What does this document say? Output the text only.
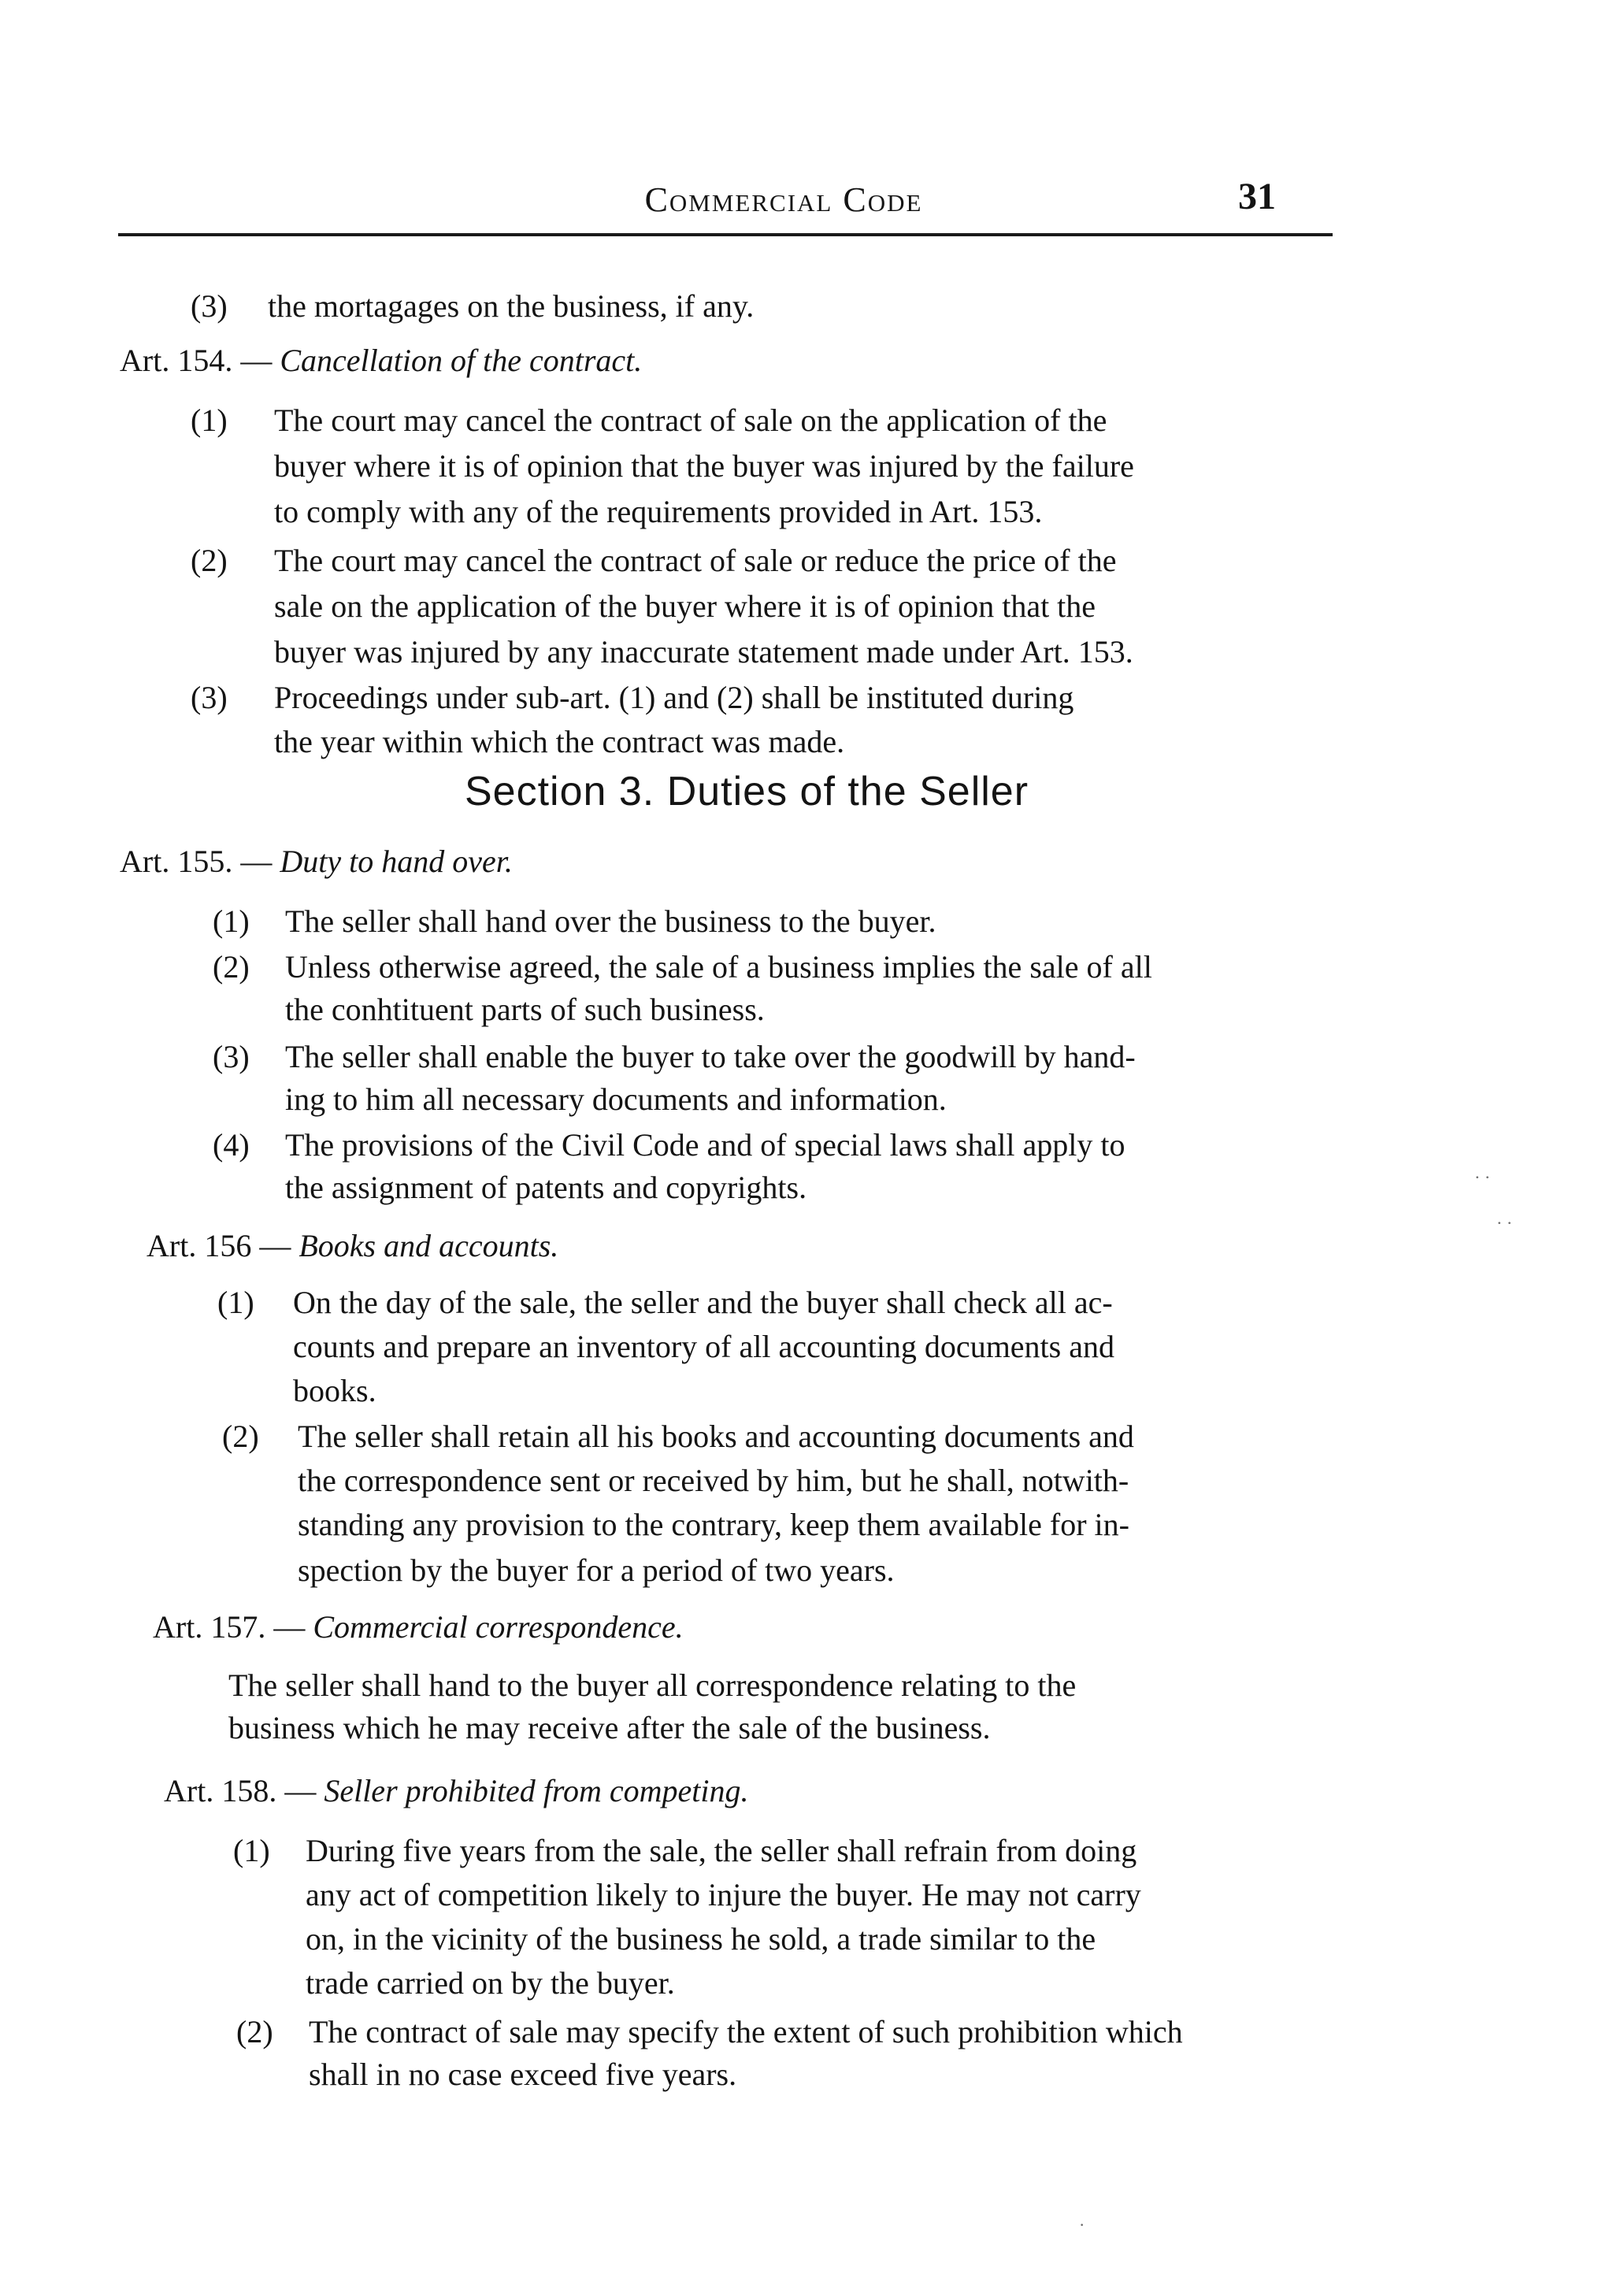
Commercial Code	31
(3) the mortagages on the business, if any.
Art. 154. — Cancellation of the contract.
(1) The court may cancel the contract of sale on the application of the
buyer where it is of opinion that the buyer was injured by the failure
to comply with any of the requirements provided in Art. 153.
(2) The court may cancel the contract of sale or reduce the price of the
sale on the application of the buyer where it is of opinion that the
buyer was injured by any inaccurate statement made under Art. 153.
(3) Proceedings under sub-art. (1) and (2) shall be instituted during
the year within which the contract was made.
Section 3. Duties of the Seller
Art. 155. — Duty to hand over.
(1) The seller shall hand over the business to the buyer.
(2) Unless otherwise agreed, the sale of a business implies the sale of all
the conhtituent parts of such business.
(3) The seller shall enable the buyer to take over the goodwill by hand-
ing to him all necessary documents and information.
(4) The provisions of the Civil Code and of special laws shall apply to
the assignment of patents and copyrights.
Art. 156 — Books and accounts.
(1) On the day of the sale, the seller and the buyer shall check all ac-
counts and prepare an inventory of all accounting documents and
books.
(2) The seller shall retain all his books and accounting documents and
the correspondence sent or received by him, but he shall, notwith-
standing any provision to the contrary, keep them available for in-
spection by the buyer for a period of two years.
Art. 157. — Commercial correspondence.
The seller shall hand to the buyer all correspondence relating to the
business which he may receive after the sale of the business.
Art. 158. — Seller prohibited from competing.
(1) During five years from the sale, the seller shall refrain from doing
any act of competition likely to injure the buyer. He may not carry
on, in the vicinity of the business he sold, a trade similar to the
trade carried on by the buyer.
(2) The contract of sale may specify the extent of such prohibition which
shall in no case exceed five years.
· ·
· ·
·
